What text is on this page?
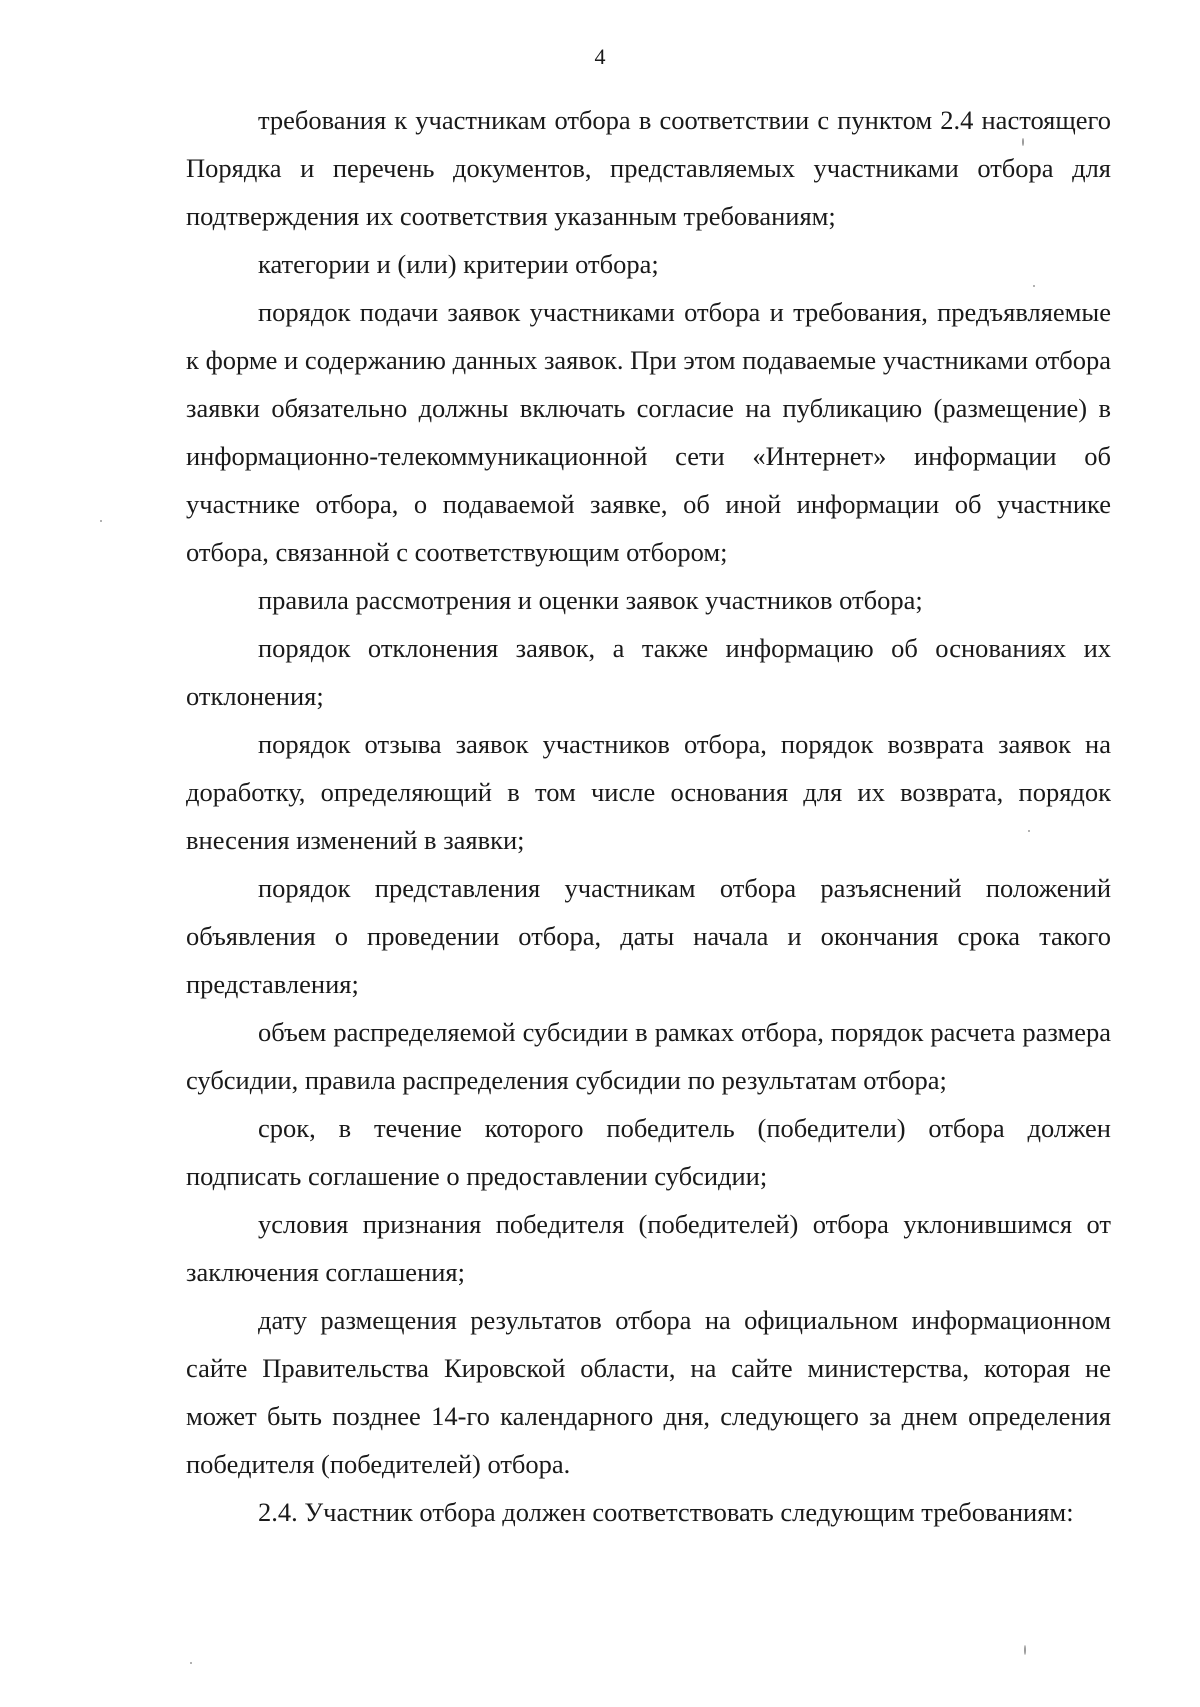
4

требования к участникам отбора в соответствии с пунктом 2.4 настоящего Порядка и перечень документов, представляемых участниками отбора для подтверждения их соответствия указанным требованиям;

категории и (или) критерии отбора;

порядок подачи заявок участниками отбора и требования, предъявляемые к форме и содержанию данных заявок. При этом подаваемые участниками отбора заявки обязательно должны включать согласие на публикацию (размещение) в информационно-телекоммуникационной сети «Интернет» информации об участнике отбора, о подаваемой заявке, об иной информации об участнике отбора, связанной с соответствующим отбором;

правила рассмотрения и оценки заявок участников отбора;

порядок отклонения заявок, а также информацию об основаниях их отклонения;

порядок отзыва заявок участников отбора, порядок возврата заявок на доработку, определяющий в том числе основания для их возврата, порядок внесения изменений в заявки;

порядок представления участникам отбора разъяснений положений объявления о проведении отбора, даты начала и окончания срока такого представления;

объем распределяемой субсидии в рамках отбора, порядок расчета размера субсидии, правила распределения субсидии по результатам отбора;

срок, в течение которого победитель (победители) отбора должен подписать соглашение о предоставлении субсидии;

условия признания победителя (победителей) отбора уклонившимся от заключения соглашения;

дату размещения результатов отбора на официальном информационном сайте Правительства Кировской области, на сайте министерства, которая не может быть позднее 14-го календарного дня, следующего за днем определения победителя (победителей) отбора.

2.4. Участник отбора должен соответствовать следующим требованиям:
